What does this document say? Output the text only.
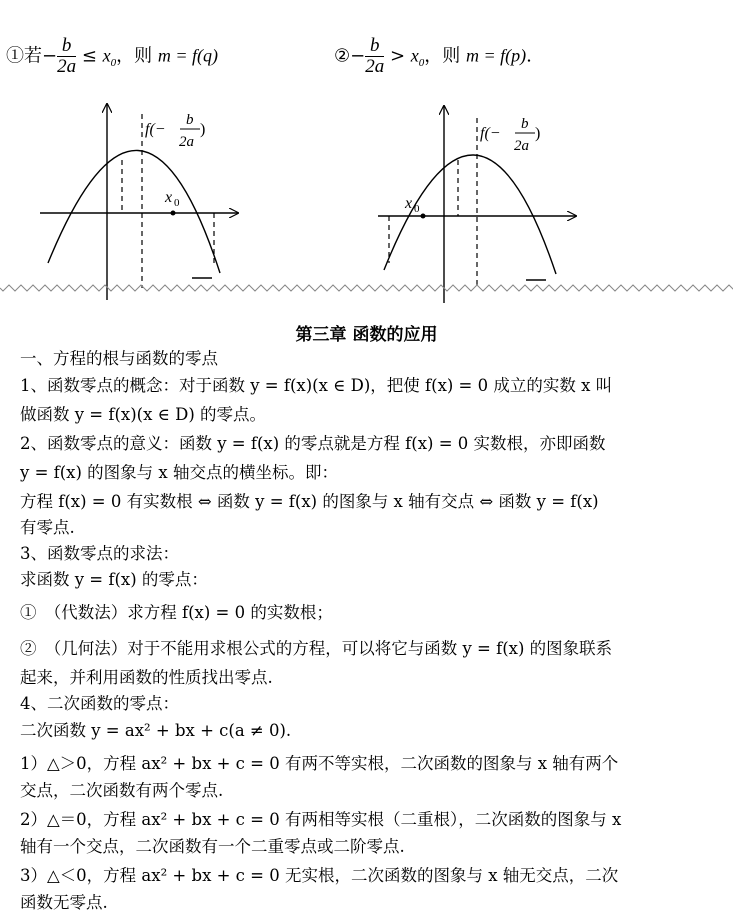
①若− $\frac{b}{2a} \le x_0$，则 m = f(q)	②− $\frac{b}{2a} > x_0$，则 m = f(p).
f(−
b
2a
)
x 0
f(−
b
2a
)
x 0
第三章 函数的应用
一、方程的根与函数的零点
1、函数零点的概念：对于函数 y = f(x)(x ∈ D)，把使 f(x) = 0 成立的实数 x 叫
做函数 y = f(x)(x ∈ D) 的零点。
2、函数零点的意义：函数 y = f(x) 的零点就是方程 f(x) = 0 实数根，亦即函数
y = f(x) 的图象与 x 轴交点的横坐标。即：
方程 f(x) = 0 有实数根 ⇔ 函数 y = f(x) 的图象与 x 轴有交点 ⇔ 函数 y = f(x)
有零点.
3、函数零点的求法：
求函数 y = f(x) 的零点：
①　（代数法）求方程 f(x) = 0 的实数根；
②　（几何法）对于不能用求根公式的方程，可以将它与函数 y = f(x) 的图象联系
起来，并利用函数的性质找出零点.
4、二次函数的零点：
二次函数 y = ax² + bx + c(a ≠ 0).
1）△＞0，方程 ax² + bx + c = 0 有两不等实根，二次函数的图象与 x 轴有两个
交点，二次函数有两个零点.
2）△＝0，方程 ax² + bx + c = 0 有两相等实根（二重根），二次函数的图象与 x
轴有一个交点，二次函数有一个二重零点或二阶零点.
3）△＜0，方程 ax² + bx + c = 0 无实根，二次函数的图象与 x 轴无交点，二次
函数无零点.
